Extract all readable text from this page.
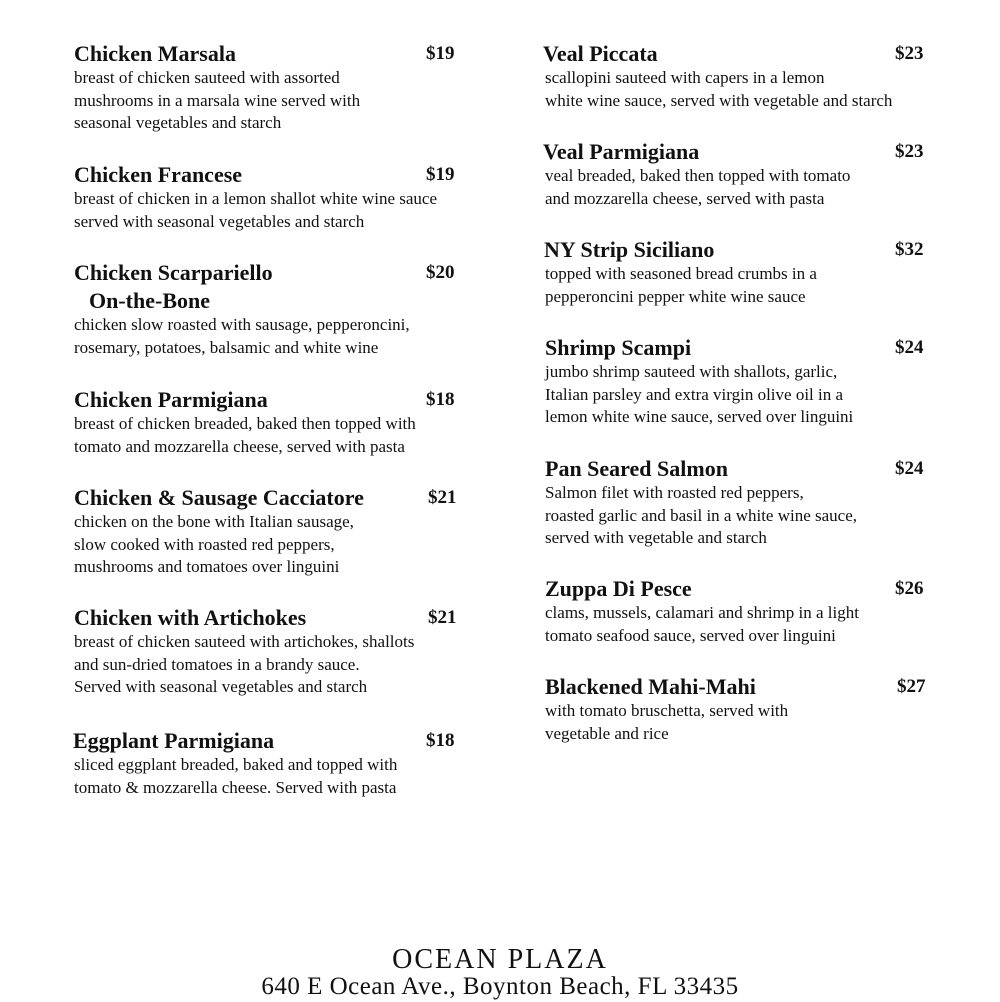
Chicken Marsala	$19
breast of chicken sauteed with assorted
mushrooms in a marsala wine served with
seasonal vegetables and starch
Chicken Francese	$19
breast of chicken in a lemon shallot white wine sauce
served with seasonal vegetables and starch
Chicken Scarpariello	$20
On-the-Bone
chicken slow roasted with sausage, pepperoncini,
rosemary, potatoes, balsamic and white wine
Chicken Parmigiana	$18
breast of chicken breaded, baked then topped with
tomato and mozzarella cheese, served with pasta
Chicken & Sausage Cacciatore	$21
chicken on the bone with Italian sausage,
slow cooked with roasted red peppers,
mushrooms and tomatoes over linguini
Chicken with Artichokes	$21
breast of chicken sauteed with artichokes, shallots
and sun-dried tomatoes in a brandy sauce.
Served with seasonal vegetables and starch
Eggplant Parmigiana	$18
sliced eggplant breaded, baked and topped with
tomato & mozzarella cheese. Served with pasta
Veal Piccata	$23
scallopini sauteed with capers in a lemon
white wine sauce, served with vegetable and starch
Veal Parmigiana	$23
veal breaded, baked then topped with tomato
and mozzarella cheese, served with pasta
NY Strip Siciliano	$32
topped with seasoned bread crumbs in a
pepperoncini pepper white wine sauce
Shrimp Scampi	$24
jumbo shrimp sauteed with shallots, garlic,
Italian parsley and extra virgin olive oil in a
lemon white wine sauce, served over linguini
Pan Seared Salmon	$24
Salmon filet with roasted red peppers,
roasted garlic and basil in a white wine sauce,
served with vegetable and starch
Zuppa Di Pesce	$26
clams, mussels, calamari and shrimp in a light
tomato seafood sauce, served over linguini
Blackened Mahi-Mahi	$27
with tomato bruschetta, served with
vegetable and rice
OCEAN PLAZA
640 E Ocean Ave., Boynton Beach, FL 33435
